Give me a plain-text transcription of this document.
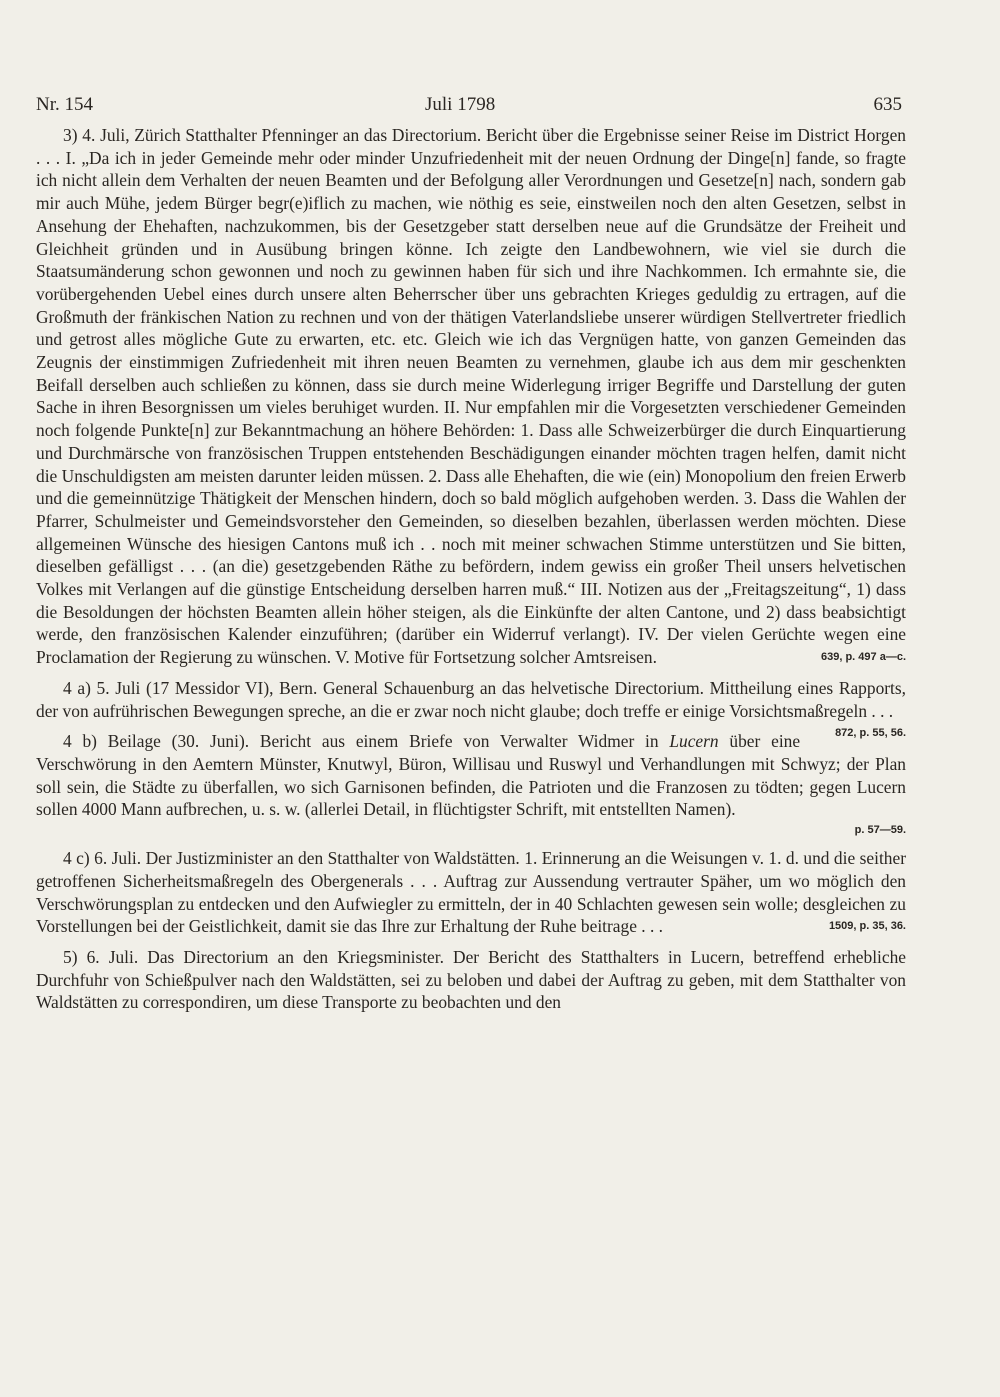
Nr. 154	Juli 1798	635

3) 4. Juli, Zürich Statthalter Pfenninger an das Directorium. Bericht über die Ergebnisse seiner Reise im District Horgen . . . I. „Da ich in jeder Gemeinde mehr oder minder Unzufriedenheit mit der neuen Ordnung der Dinge[n] fande, so fragte ich nicht allein dem Verhalten der neuen Beamten und der Befolgung aller Verordnungen und Gesetze[n] nach, sondern gab mir auch Mühe, jedem Bürger begr(e)iflich zu machen, wie nöthig es seie, einstweilen noch den alten Gesetzen, selbst in Ansehung der Ehehaften, nachzukommen, bis der Gesetzgeber statt derselben neue auf die Grundsätze der Freiheit und Gleichheit gründen und in Ausübung bringen könne. Ich zeigte den Landbewohnern, wie viel sie durch die Staatsumänderung schon gewonnen und noch zu gewinnen haben für sich und ihre Nachkommen. Ich ermahnte sie, die vorübergehenden Uebel eines durch unsere alten Beherrscher über uns gebrachten Krieges geduldig zu ertragen, auf die Großmuth der fränkischen Nation zu rechnen und von der thätigen Vaterlandsliebe unserer würdigen Stellvertreter friedlich und getrost alles mögliche Gute zu erwarten, etc. etc. Gleich wie ich das Vergnügen hatte, von ganzen Gemeinden das Zeugnis der einstimmigen Zufriedenheit mit ihren neuen Beamten zu vernehmen, glaube ich aus dem mir geschenkten Beifall derselben auch schließen zu können, dass sie durch meine Widerlegung irriger Begriffe und Darstellung der guten Sache in ihren Besorgnissen um vieles beruhiget wurden. II. Nur empfahlen mir die Vorgesetzten verschiedener Gemeinden noch folgende Punkte[n] zur Bekanntmachung an höhere Behörden: 1. Dass alle Schweizerbürger die durch Einquartierung und Durchmärsche von französischen Truppen entstehenden Beschädigungen einander möchten tragen helfen, damit nicht die Unschuldigsten am meisten darunter leiden müssen. 2. Dass alle Ehehaften, die wie (ein) Monopolium den freien Erwerb und die gemeinnützige Thätigkeit der Menschen hindern, doch so bald möglich aufgehoben werden. 3. Dass die Wahlen der Pfarrer, Schulmeister und Gemeindsvorsteher den Gemeinden, so dieselben bezahlen, überlassen werden möchten. Diese allgemeinen Wünsche des hiesigen Cantons muß ich . . noch mit meiner schwachen Stimme unterstützen und Sie bitten, dieselben gefälligst . . . (an die) gesetzgebenden Räthe zu befördern, indem gewiss ein großer Theil unsers helvetischen Volkes mit Verlangen auf die günstige Entscheidung derselben harren muß.“ III. Notizen aus der „Freitagszeitung“, 1) dass die Besoldungen der höchsten Beamten allein höher steigen, als die Einkünfte der alten Cantone, und 2) dass beabsichtigt werde, den französischen Kalender einzuführen; (darüber ein Widerruf verlangt). IV. Der vielen Gerüchte wegen eine Proclamation der Regierung zu wünschen. V. Motive für Fortsetzung solcher Amtsreisen.	639, p. 497 a—c.

4 a) 5. Juli (17 Messidor VI), Bern. General Schauenburg an das helvetische Directorium. Mittheilung eines Rapports, der von aufrührischen Bewegungen spreche, an die er zwar noch nicht glaube; doch treffe er einige Vorsichtsmaßregeln . . .
872, p. 55, 56.

4 b) Beilage (30. Juni). Bericht aus einem Briefe von Verwalter Widmer in Lucern über eine Verschwörung in den Aemtern Münster, Knutwyl, Büron, Willisau und Ruswyl und Verhandlungen mit Schwyz; der Plan soll sein, die Städte zu überfallen, wo sich Garnisonen befinden, die Patrioten und die Franzosen zu tödten; gegen Lucern sollen 4000 Mann aufbrechen, u. s. w. (allerlei Detail, in flüchtigster Schrift, mit entstellten Namen).

p. 57—59.

4 c) 6. Juli. Der Justizminister an den Statthalter von Waldstätten. 1. Erinnerung an die Weisungen v. 1. d. und die seither getroffenen Sicherheitsmaßregeln des Obergenerals . . . Auftrag zur Aussendung vertrauter Späher, um wo möglich den Verschwörungsplan zu entdecken und den Aufwiegler zu ermitteln, der in 40 Schlachten gewesen sein wolle; desgleichen zu Vorstellungen bei der Geistlichkeit, damit sie das Ihre zur Erhaltung der Ruhe beitrage . . .	1509, p. 35, 36.

5) 6. Juli. Das Directorium an den Kriegsminister. Der Bericht des Statthalters in Lucern, betreffend erhebliche Durchfuhr von Schießpulver nach den Waldstätten, sei zu beloben und dabei der Auftrag zu geben, mit dem Statthalter von Waldstätten zu correspondiren, um diese Transporte zu beobachten und den
